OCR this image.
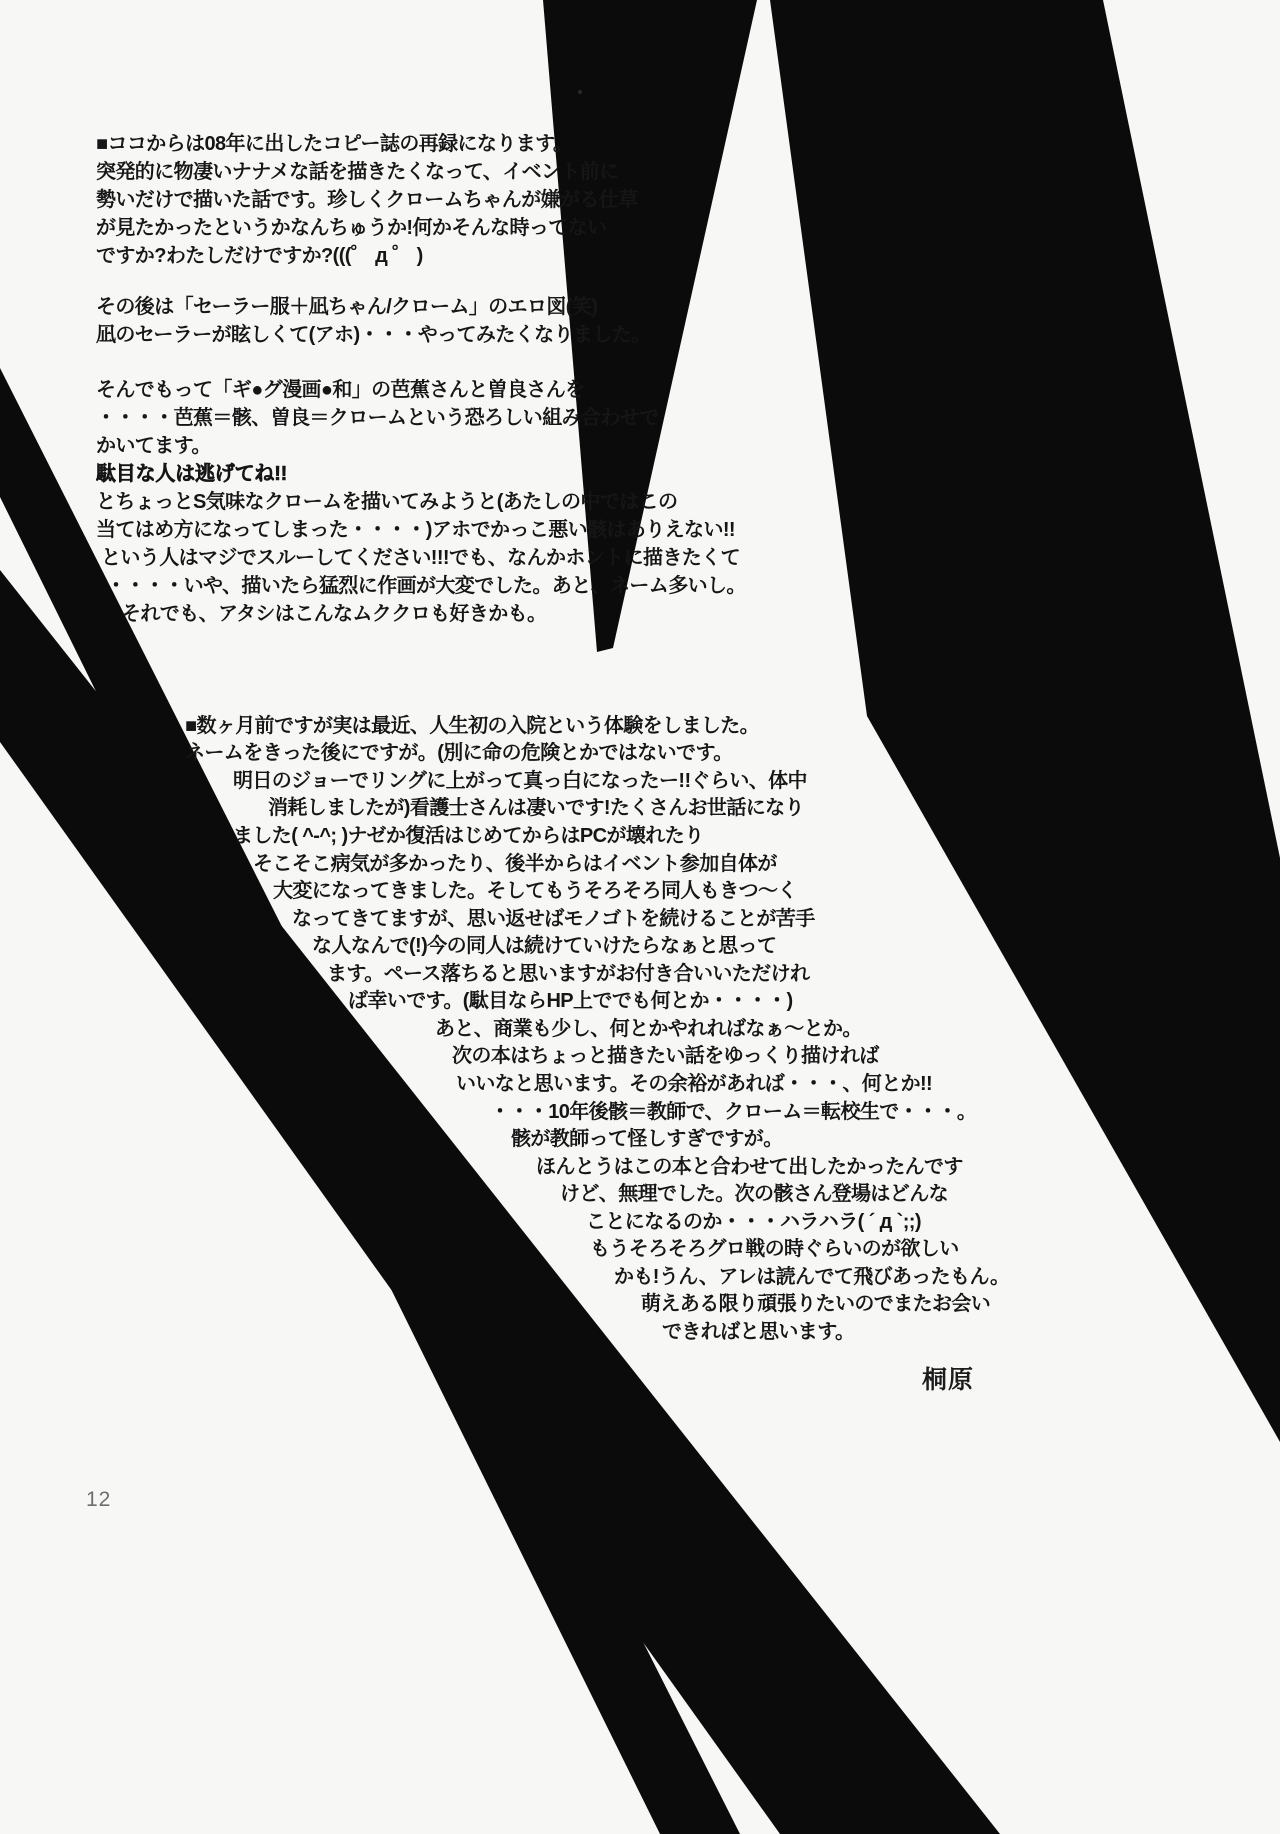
■ココからは08年に出したコピー誌の再録になります。
突発的に物凄いナナメな話を描きたくなって、イベント前に
勢いだけで描いた話です。珍しくクロームちゃんが嫌がる仕草
が見たかったというかなんちゅうか!何かそんな時ってない
ですか?わたしだけですか?(((゜ д ゜ )
その後は「セーラー服＋凪ちゃん/クローム」のエロ図(笑)
凪のセーラーが眩しくて(アホ)・・・やってみたくなりました。
そんでもって「ギ●グ漫画●和」の芭蕉さんと曽良さんを
・・・・芭蕉＝骸、曽良＝クロームという恐ろしい組み合わせで
かいてます。
駄目な人は逃げてね!!
とちょっとS気味なクロームを描いてみようと(あたしの中ではこの
当てはめ方になってしまった・・・・)アホでかっこ悪い骸はありえない!!
という人はマジでスルーしてください!!!でも、なんかホントに描きたくて
・・・・いや、描いたら猛烈に作画が大変でした。あと、ネーム多いし。
それでも、アタシはこんなムククロも好きかも。
■数ヶ月前ですが実は最近、人生初の入院という体験をしました。
ネームをきった後にですが。(別に命の危険とかではないです。
明日のジョーでリングに上がって真っ白になったー!!ぐらい、体中
消耗しましたが)看護士さんは凄いです!たくさんお世話になり
ました( ^-^; )ナゼか復活はじめてからはPCが壊れたり
そこそこ病気が多かったり、後半からはイベント参加自体が
大変になってきました。そしてもうそろそろ同人もきつ～く
なってきてますが、思い返せばモノゴトを続けることが苦手
な人なんで(!)今の同人は続けていけたらなぁと思って
ます。ペース落ちると思いますがお付き合いいただけれ
ば幸いです。(駄目ならHP上ででも何とか・・・・)
あと、商業も少し、何とかやれればなぁ～とか。
次の本はちょっと描きたい話をゆっくり描ければ
いいなと思います。その余裕があれば・・・、何とか!!
・・・10年後骸＝教師で、クローム＝転校生で・・・。
骸が教師って怪しすぎですが。
ほんとうはこの本と合わせて出したかったんです
けど、無理でした。次の骸さん登場はどんな
ことになるのか・・・ハラハラ( ´ д `;;)
もうそろそろグロ戦の時ぐらいのが欲しい
かも!うん、アレは読んでて飛びあったもん。
萌えある限り頑張りたいのでまたお会い
できればと思います。
桐原
12
